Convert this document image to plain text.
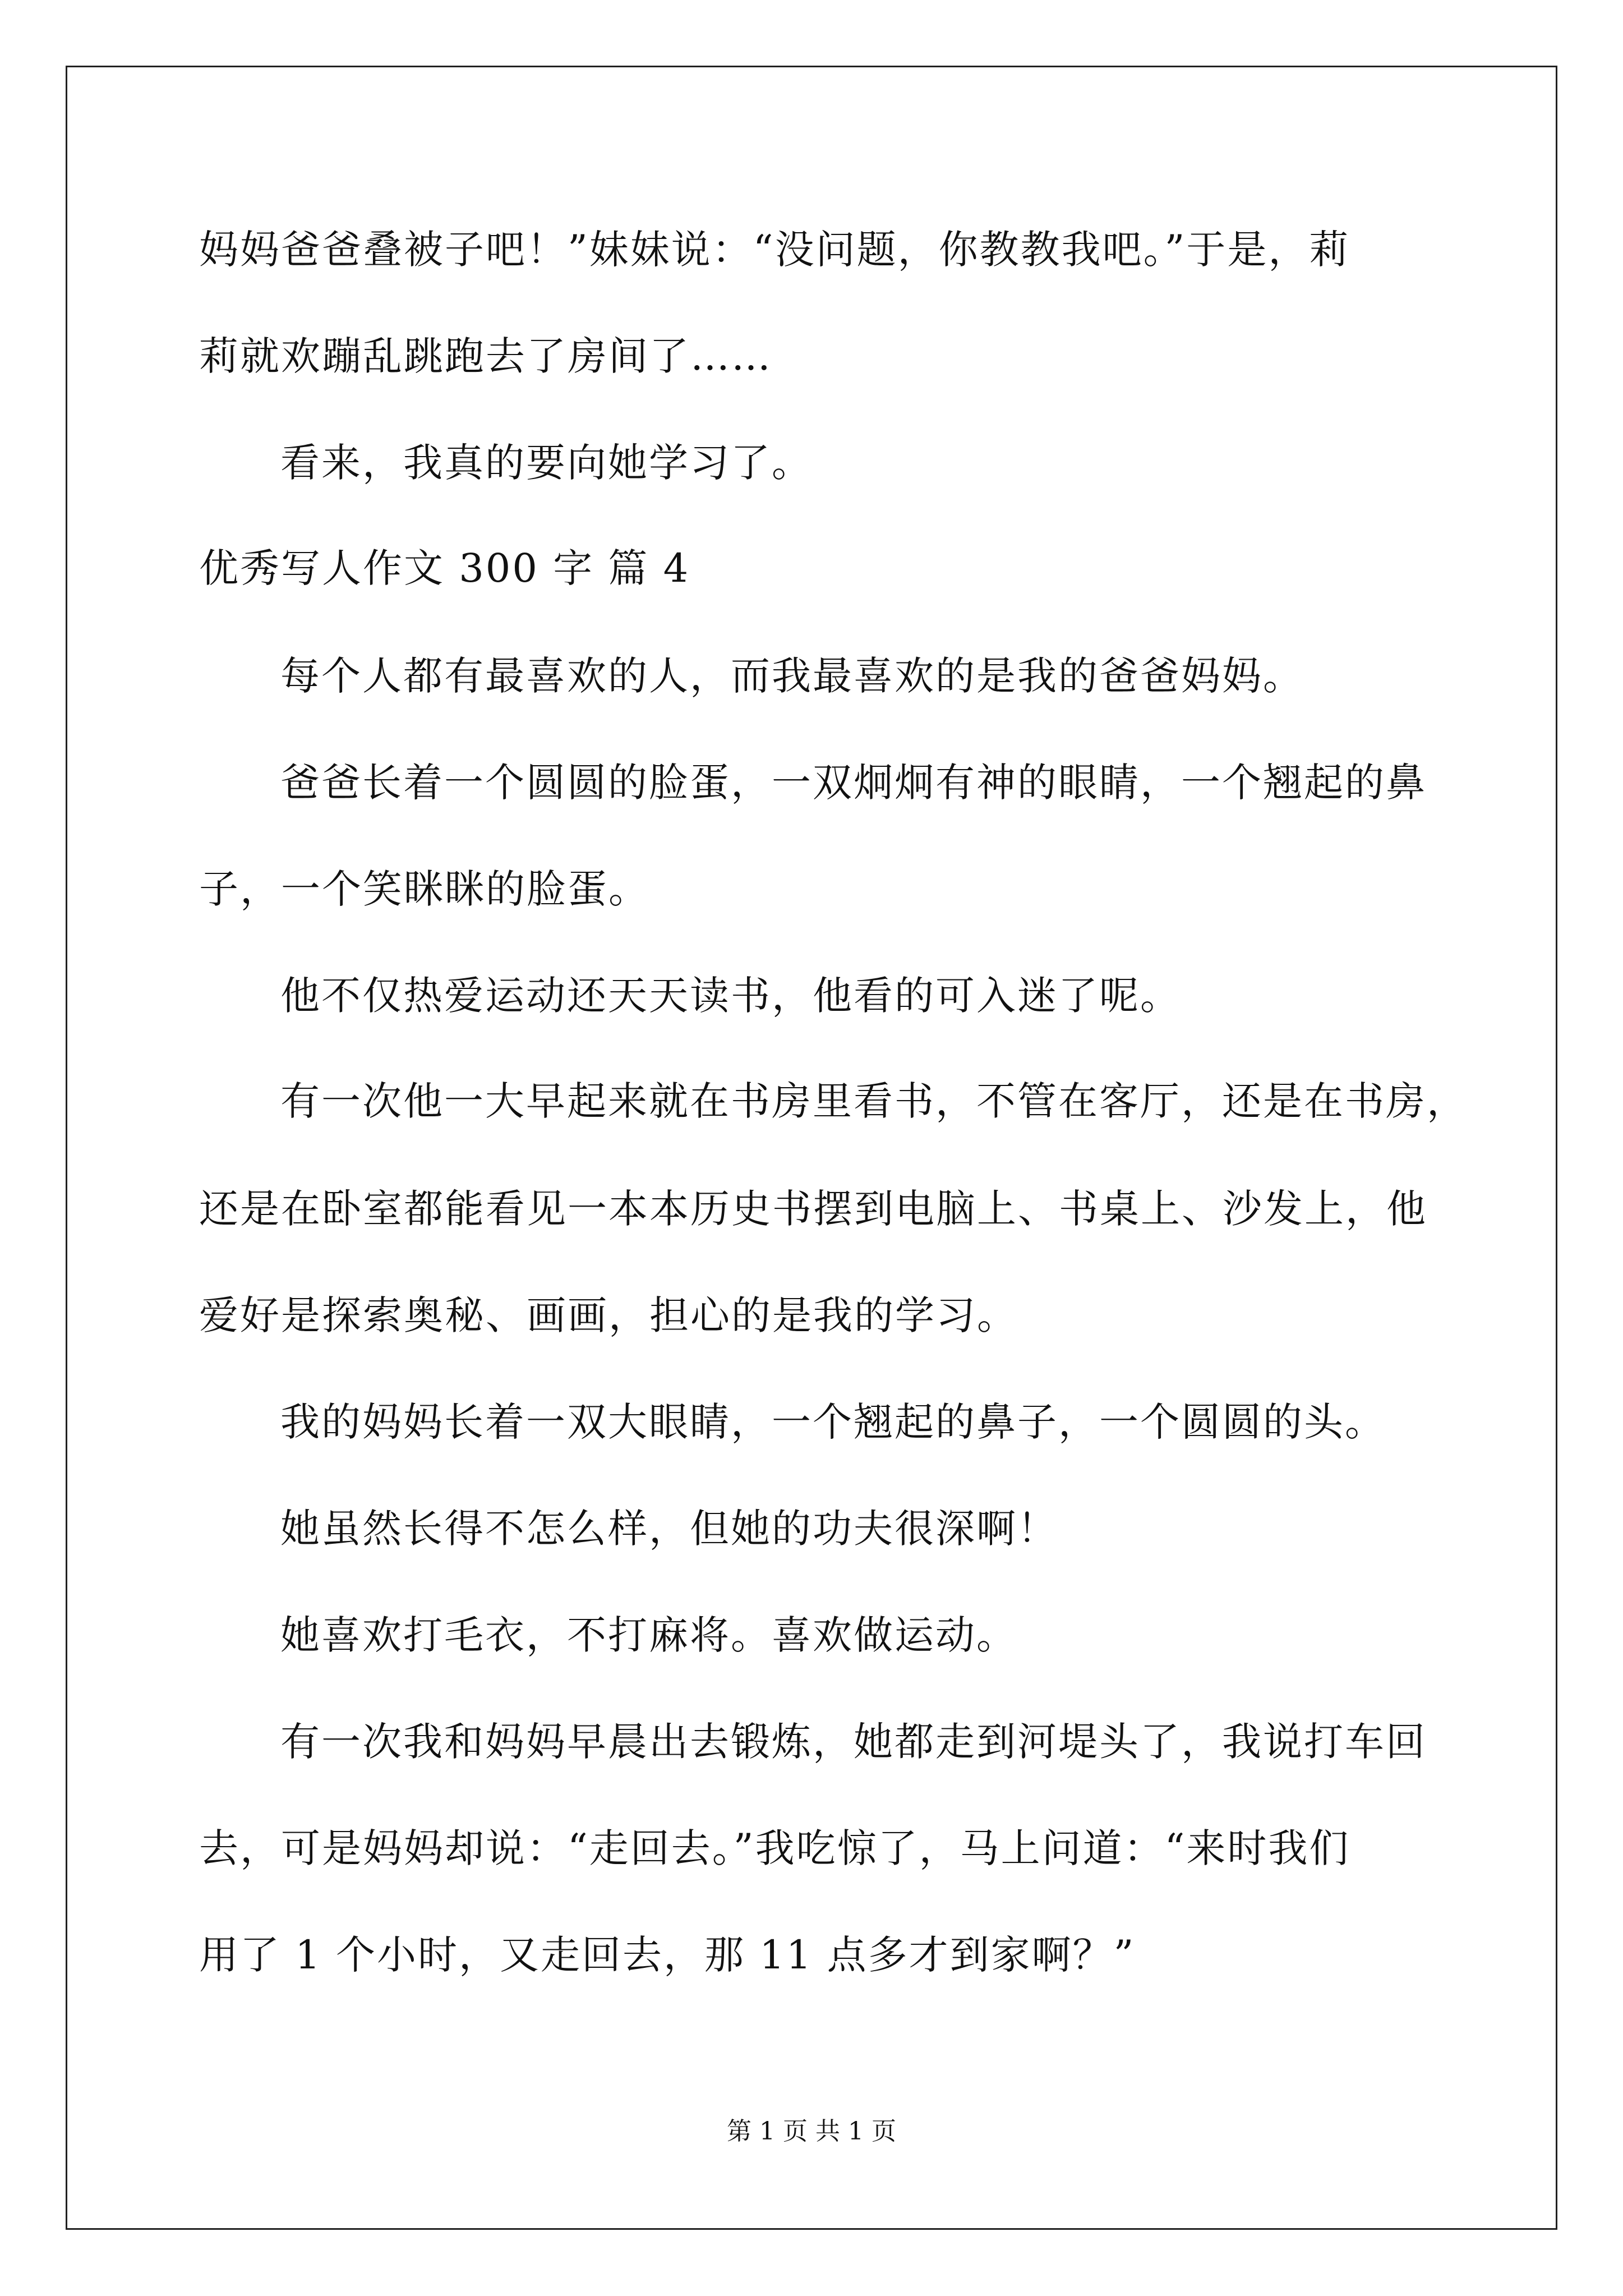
妈妈爸爸叠被子吧！”妹妹说：“没问题，你教教我吧。”于是，莉
莉就欢蹦乱跳跑去了房间了……
看来，我真的要向她学习了。
优秀写人作文 300 字 篇 4
每个人都有最喜欢的人，而我最喜欢的是我的爸爸妈妈。
爸爸长着一个圆圆的脸蛋，一双炯炯有神的眼睛，一个翘起的鼻
子，一个笑眯眯的脸蛋。
他不仅热爱运动还天天读书，他看的可入迷了呢。
有一次他一大早起来就在书房里看书，不管在客厅，还是在书房，
还是在卧室都能看见一本本历史书摆到电脑上、书桌上、沙发上，他
爱好是探索奥秘、画画，担心的是我的学习。
我的妈妈长着一双大眼睛，一个翘起的鼻子，一个圆圆的头。
她虽然长得不怎么样，但她的功夫很深啊！
她喜欢打毛衣，不打麻将。喜欢做运动。
有一次我和妈妈早晨出去锻炼，她都走到河堤头了，我说打车回
去，可是妈妈却说：“走回去。”我吃惊了，马上问道：“来时我们
用了 1 个小时，又走回去，那 11 点多才到家啊？”
第 1 页 共 1 页
